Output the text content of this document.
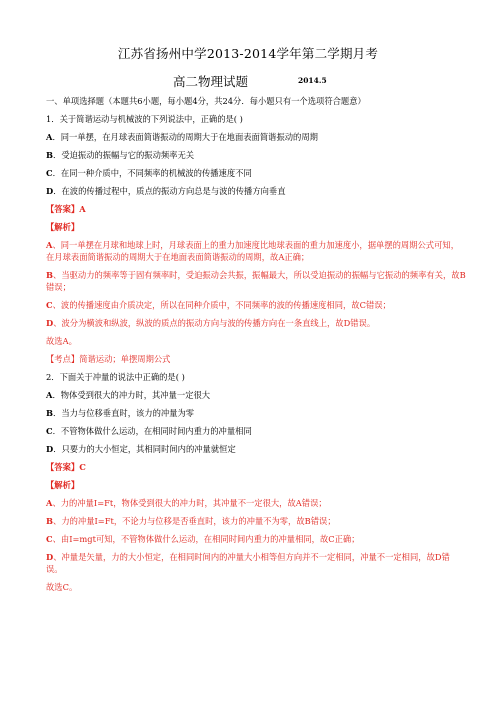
江苏省扬州中学2013-2014学年第二学期月考
高二物理试题	2014.5
一、单项选择题（本题共6小题，每小题4分，共24分．每小题只有一个选项符合题意）
1．关于简谐运动与机械波的下列说法中，正确的是( )
A．同一单摆，在月球表面简谐振动的周期大于在地面表面简谐振动的周期
B．受迫振动的振幅与它的振动频率无关
C．在同一种介质中，不同频率的机械波的传播速度不同
D．在波的传播过程中，质点的振动方向总是与波的传播方向垂直
【答案】A
【解析】
A、同一单摆在月球和地球上时，月球表面上的重力加速度比地球表面的重力加速度小，据单摆的周期公式可知，在月球表面简谐振动的周期大于在地面表面简谐振动的周期，故A正确；
B、当驱动力的频率等于固有频率时，受迫振动会共振，振幅最大，所以受迫振动的振幅与它振动的频率有关，故B错误；
C、波的传播速度由介质决定，所以在同种介质中，不同频率的波的传播速度相同，故C错误；
D、波分为横波和纵波，纵波的质点的振动方向与波的传播方向在一条直线上，故D错误。
故选A。
【考点】简谐运动；单摆周期公式
2．下面关于冲量的说法中正确的是( )
A．物体受到很大的冲力时，其冲量一定很大
B．当力与位移垂直时，该力的冲量为零
C．不管物体做什么运动，在相同时间内重力的冲量相同
D．只要力的大小恒定，其相同时间内的冲量就恒定
【答案】C
【解析】
A、力的冲量I=Ft，物体受到很大的冲力时，其冲量不一定很大，故A错误；
B、力的冲量I=Ft，不论力与位移是否垂直时，该力的冲量不为零，故B错误；
C、由I=mgt可知，不管物体做什么运动，在相同时间内重力的冲量相同，故C正确；
D、冲量是矢量，力的大小恒定，在相同时间内的冲量大小相等但方向并不一定相同，冲量不一定相同，故D错误。
故选C。
